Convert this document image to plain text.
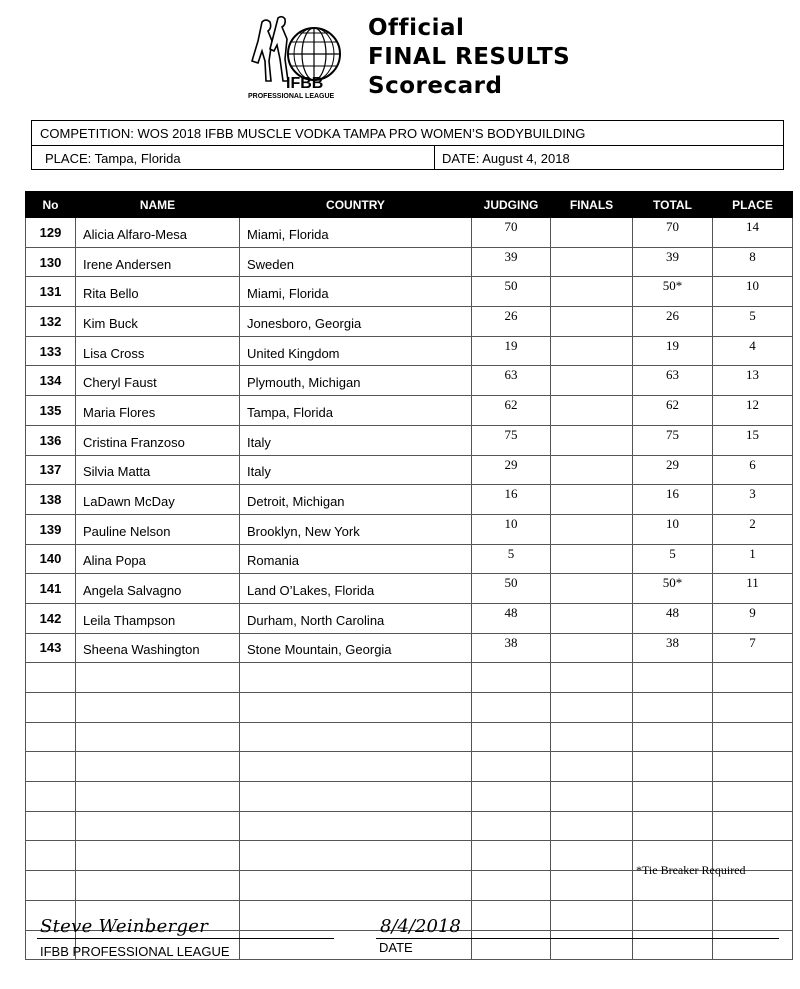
IFBB
PROFESSIONAL LEAGUE
Official
FINAL RESULTS
Scorecard
COMPETITION: WOS 2018 IFBB MUSCLE VODKA TAMPA PRO WOMEN’S BODYBUILDING
PLACE: Tampa, Florida	DATE: August 4, 2018
No	NAME	COUNTRY	JUDGING	FINALS	TOTAL	PLACE
129	Alicia Alfaro-Mesa	Miami, Florida	70		70	14
130	Irene Andersen	Sweden	39		39	8
131	Rita Bello	Miami, Florida	50		50*	10
132	Kim Buck	Jonesboro, Georgia	26		26	5
133	Lisa Cross	United Kingdom	19		19	4
134	Cheryl Faust	Plymouth, Michigan	63		63	13
135	Maria Flores	Tampa, Florida	62		62	12
136	Cristina Franzoso	Italy	75		75	15
137	Silvia Matta	Italy	29		29	6
138	LaDawn McDay	Detroit, Michigan	16		16	3
139	Pauline Nelson	Brooklyn, New York	10		10	2
140	Alina Popa	Romania	5		5	1
141	Angela Salvagno	Land O’Lakes, Florida	50		50*	11
142	Leila Thampson	Durham, North Carolina	48		48	9
143	Sheena Washington	Stone Mountain, Georgia	38		38	7

*Tie Breaker Required
Steve Weinberger
IFBB PROFESSIONAL LEAGUE
8/4/2018
DATE
